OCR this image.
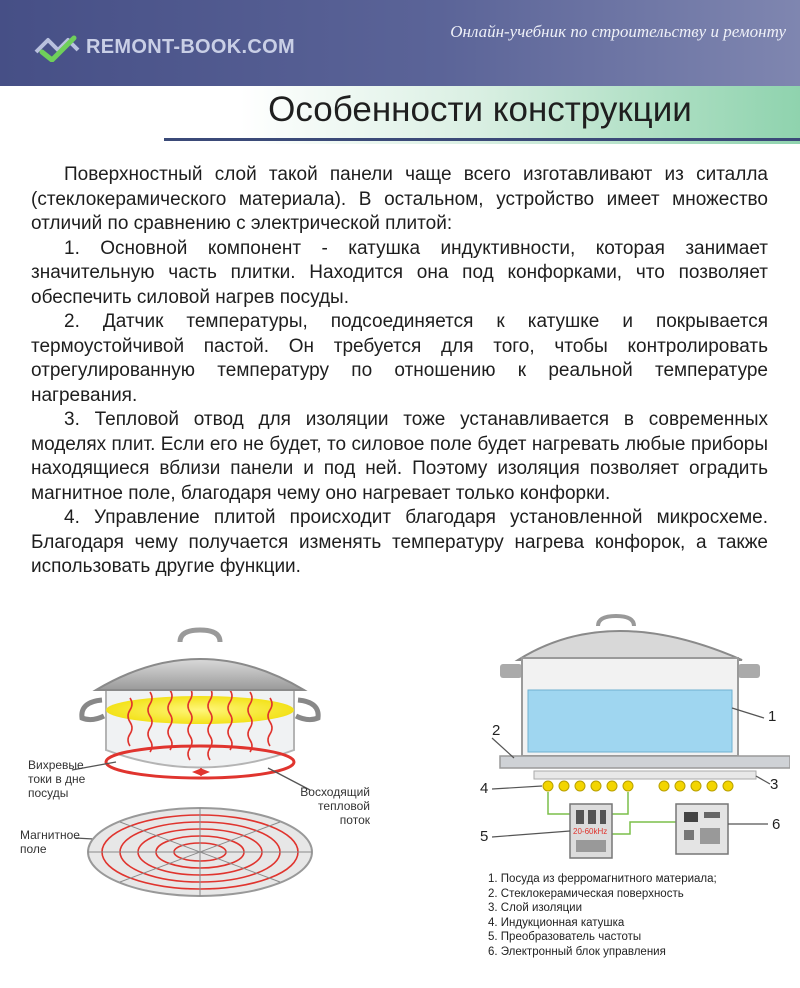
REMONT-BOOK.COM
Онлайн-учебник по строительству и ремонту
Особенности конструкции

Поверхностный слой такой панели чаще всего изготавливают из ситалла (стеклокерамического материала). В остальном, устройство имеет множество отличий по сравнению с электрической плитой:

1. Основной компонент - катушка индуктивности, которая занимает значительную часть плитки. Находится она под конфорками, что позволяет обеспечить силовой нагрев посуды.

2. Датчик температуры, подсоединяется к катушке и покрывается термоустойчивой пастой. Он требуется для того, чтобы контролировать отрегулированную температуру по отношению к реальной температуре нагревания.

3. Тепловой отвод для изоляции тоже устанавливается в современных моделях плит. Если его не будет, то силовое поле будет нагревать любые приборы находящиеся вблизи панели и под ней. Поэтому изоляция позволяет оградить магнитное поле, благодаря чему оно нагревает только конфорки.

4. Управление плитой происходит благодаря установленной микросхеме. Благодаря чему получается изменять температуру нагрева конфорок, а также использовать другие функции.

Вихревые
токи в дне
посуды	Восходящий
тепловой
поток
Магнитное
поле
20-60kHz
1
2
3
4
5
6
1. Посуда из ферромагнитного материала;
2. Стеклокерамическая поверхность
3. Слой изоляции
4. Индукционная катушка
5. Преобразователь частоты
6. Электронный блок управления
